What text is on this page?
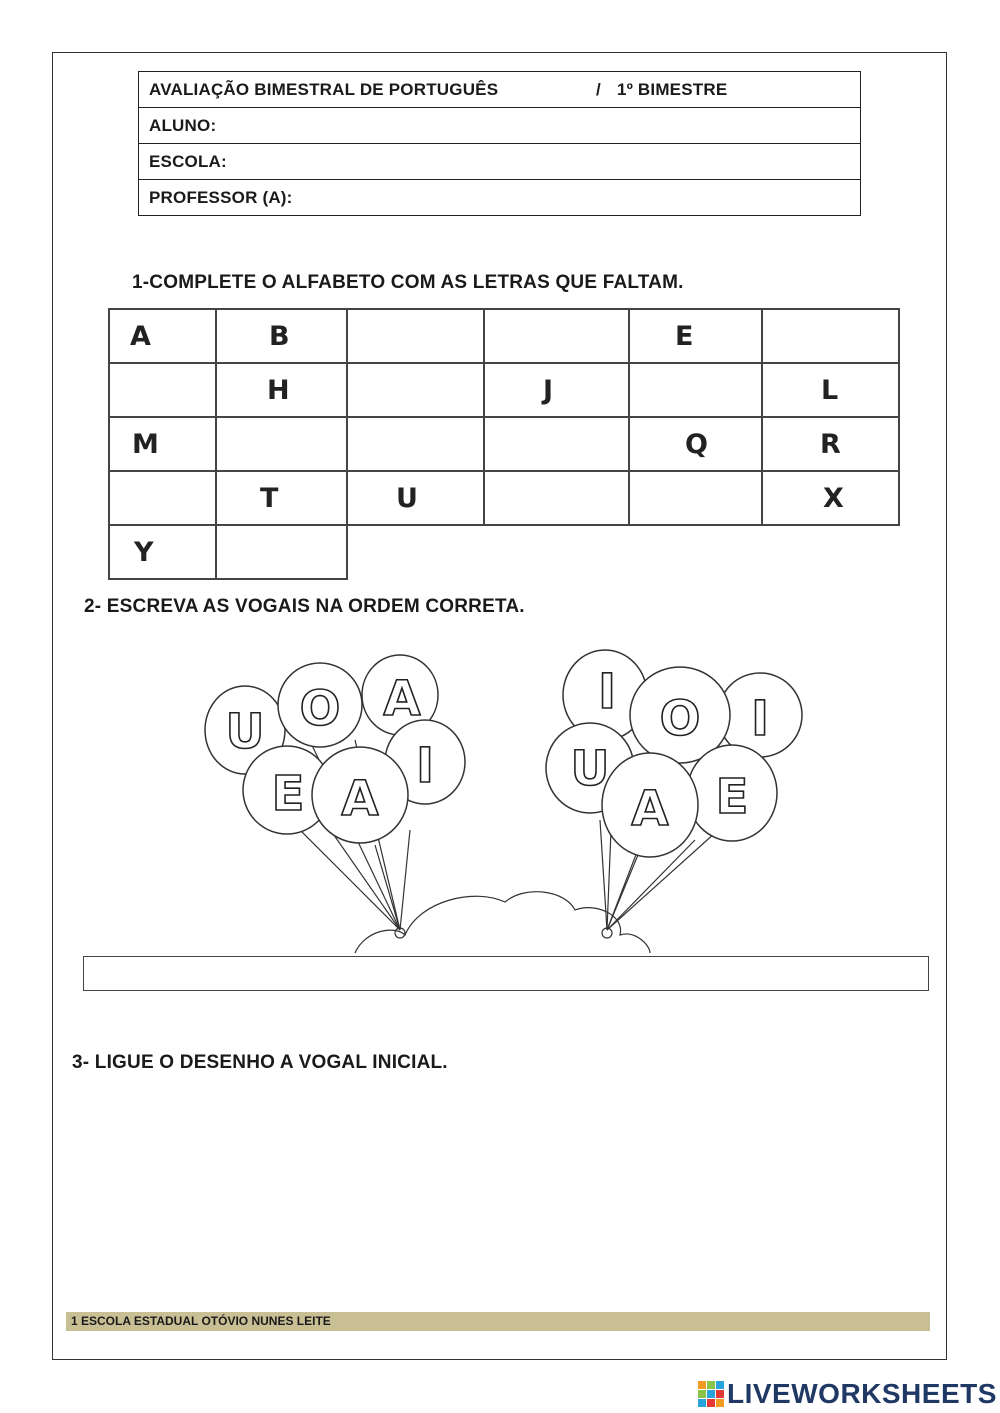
AVALIAÇÃO BIMESTRAL DE PORTUGUÊS	/ 1º BIMESTRE

ALUNO:
ESCOLA:
PROFESSOR (A):
1-COMPLETE O ALFABETO COM AS LETRAS QUE FALTAM.
A	B			E	

	H		J		L

M				Q	R

	T	U			X

Y					

2- ESCREVA AS VOGAIS NA ORDEM CORRETA.
U O A
E A
I
I
U
O I
A E
3- LIGUE O DESENHO A VOGAL INICIAL.
1 ESCOLA ESTADUAL OTÓVIO NUNES LEITE
LIVEWORKSHEETS
